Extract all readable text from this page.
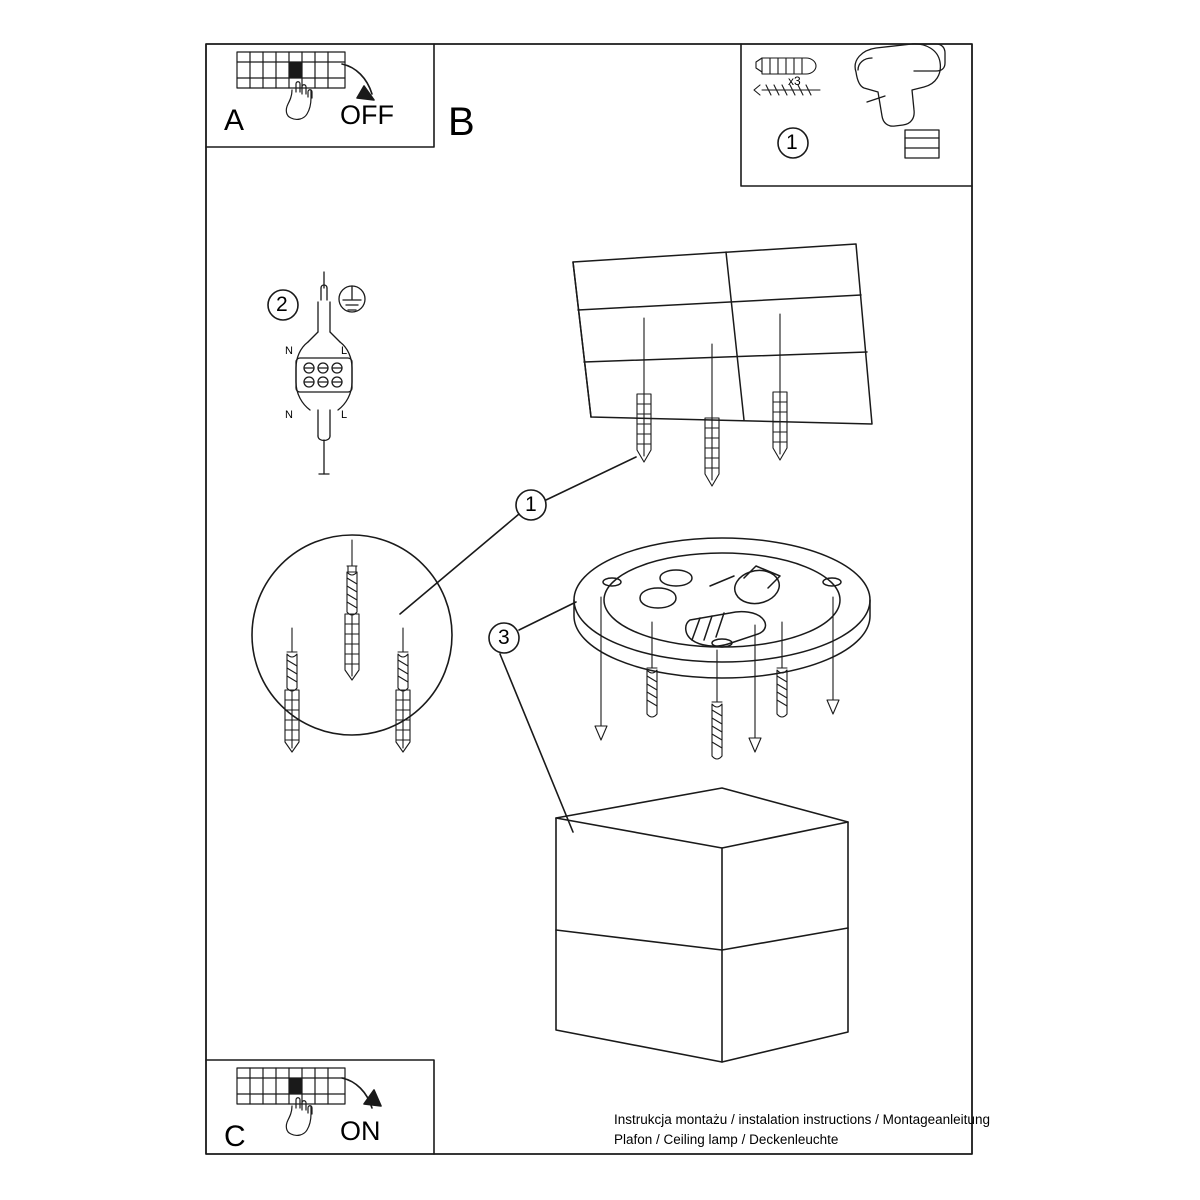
A	OFF B	1
x3
2
1
3
N	L
N	L
C	ON	Instrukcja montażu / instalation instructions / Montageanleitung
Plafon / Ceiling lamp / Deckenleuchte
